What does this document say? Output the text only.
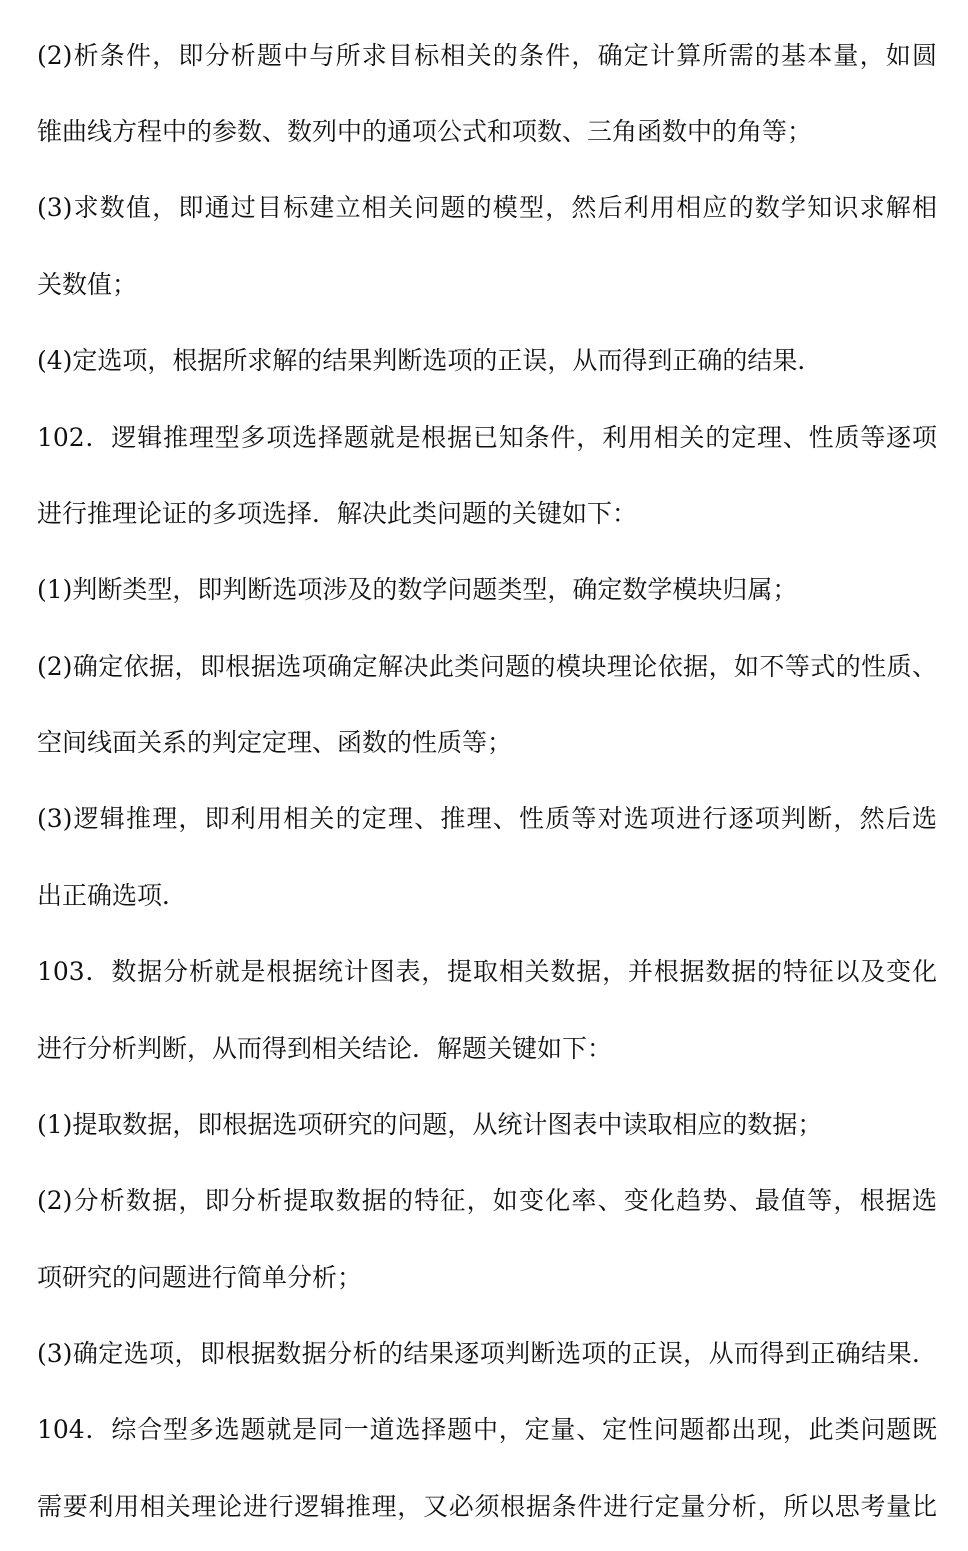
(2)析条件，即分析题中与所求目标相关的条件，确定计算所需的基本量，如圆
锥曲线方程中的参数、数列中的通项公式和项数、三角函数中的角等；
(3)求数值，即通过目标建立相关问题的模型，然后利用相应的数学知识求解相
关数值；
(4)定选项，根据所求解的结果判断选项的正误，从而得到正确的结果．
102．逻辑推理型多项选择题就是根据已知条件，利用相关的定理、性质等逐项
进行推理论证的多项选择．解决此类问题的关键如下：
(1)判断类型，即判断选项涉及的数学问题类型，确定数学模块归属；
(2)确定依据，即根据选项确定解决此类问题的模块理论依据，如不等式的性质、
空间线面关系的判定定理、函数的性质等；
(3)逻辑推理，即利用相关的定理、推理、性质等对选项进行逐项判断，然后选
出正确选项．
103．数据分析就是根据统计图表，提取相关数据，并根据数据的特征以及变化
进行分析判断，从而得到相关结论．解题关键如下：
(1)提取数据，即根据选项研究的问题，从统计图表中读取相应的数据；
(2)分析数据，即分析提取数据的特征，如变化率、变化趋势、最值等，根据选
项研究的问题进行简单分析；
(3)确定选项，即根据数据分析的结果逐项判断选项的正误，从而得到正确结果．
104．综合型多选题就是同一道选择题中，定量、定性问题都出现，此类问题既
需要利用相关理论进行逻辑推理，又必须根据条件进行定量分析，所以思考量比
